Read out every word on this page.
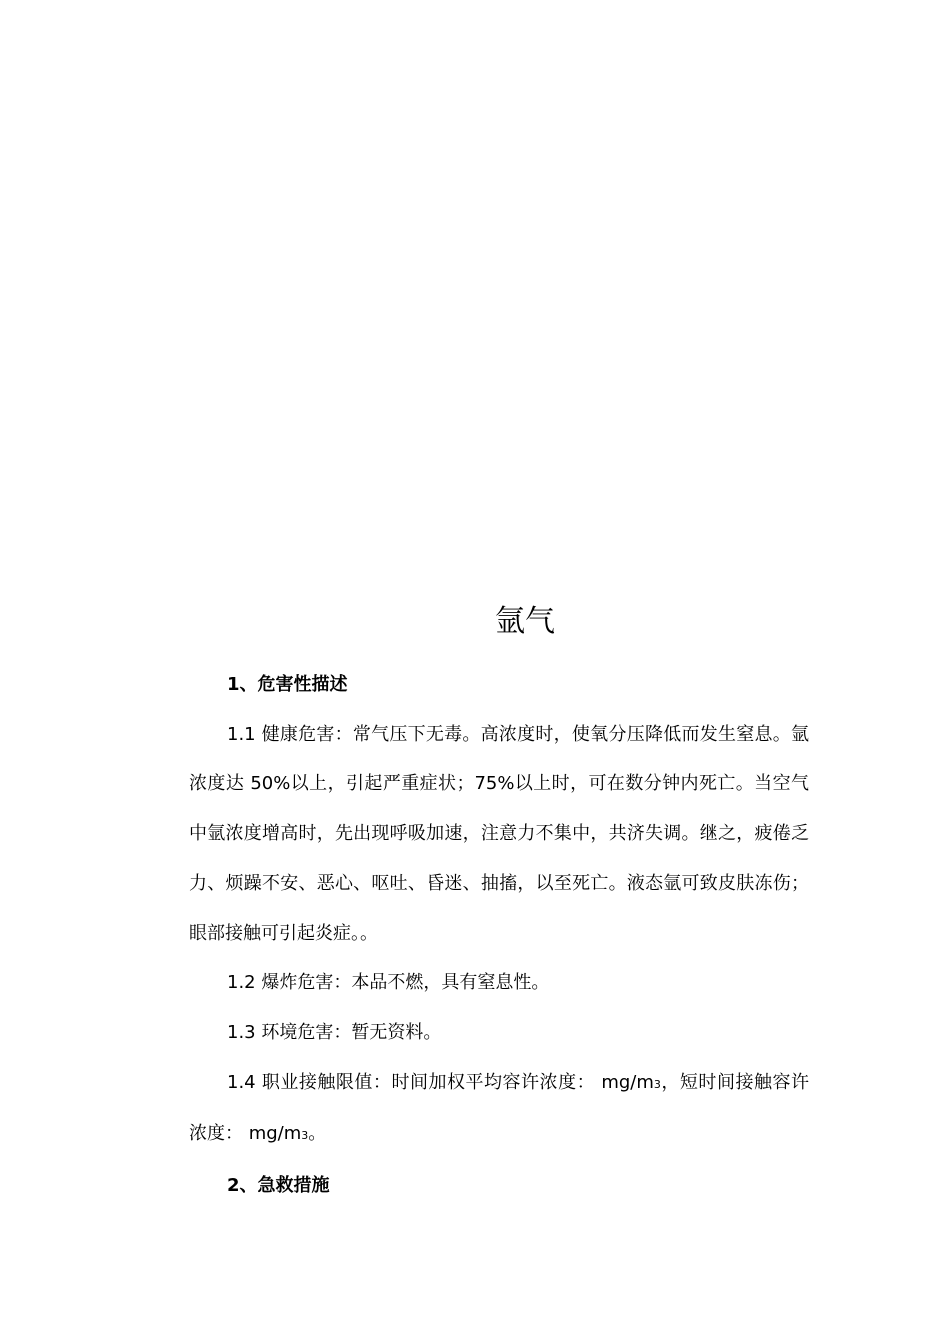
氩气

1、危害性描述

1.1 健康危害：常气压下无毒。高浓度时，使氧分压降低而发生窒息。氩浓度达 50%以上，引起严重症状；75%以上时，可在数分钟内死亡。当空气中氩浓度增高时，先出现呼吸加速，注意力不集中，共济失调。继之，疲倦乏力、烦躁不安、恶心、呕吐、昏迷、抽搐，以至死亡。液态氩可致皮肤冻伤；眼部接触可引起炎症。。

1.2 爆炸危害：本品不燃，具有窒息性。

1.3 环境危害：暂无资料。

1.4 职业接触限值：时间加权平均容许浓度： mg/m3，短时间接触容许浓度： mg/m3。

2、急救措施
